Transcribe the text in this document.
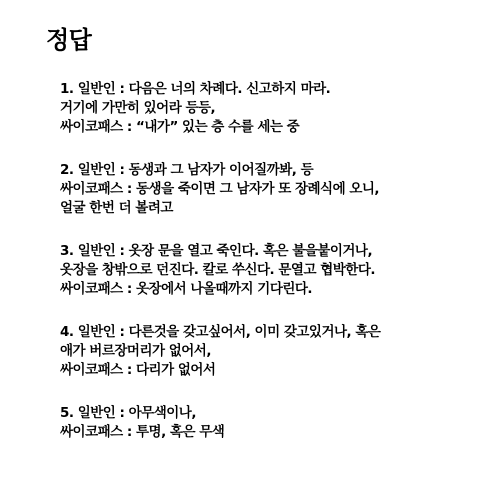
정답
1. 일반인 : 다음은 너의 차례다. 신고하지 마라.
거기에 가만히 있어라 등등,
싸이코패스 : “내가” 있는 층 수를 세는 중
2. 일반인 : 동생과 그 남자가 이어질까봐, 등
싸이코패스 : 동생을 죽이면 그 남자가 또 장례식에 오니,
얼굴 한번 더 볼려고
3. 일반인 : 옷장 문을 열고 죽인다. 혹은 불을붙이거나,
옷장을 창밖으로 던진다. 칼로 쑤신다. 문열고 협박한다.
싸이코패스 : 옷장에서 나올때까지 기다린다.
4. 일반인 : 다른것을 갖고싶어서, 이미 갖고있거나, 혹은
애가 버르장머리가 없어서,
싸이코패스 : 다리가 없어서
5. 일반인 : 아무색이나,
싸이코패스 : 투명, 혹은 무색
